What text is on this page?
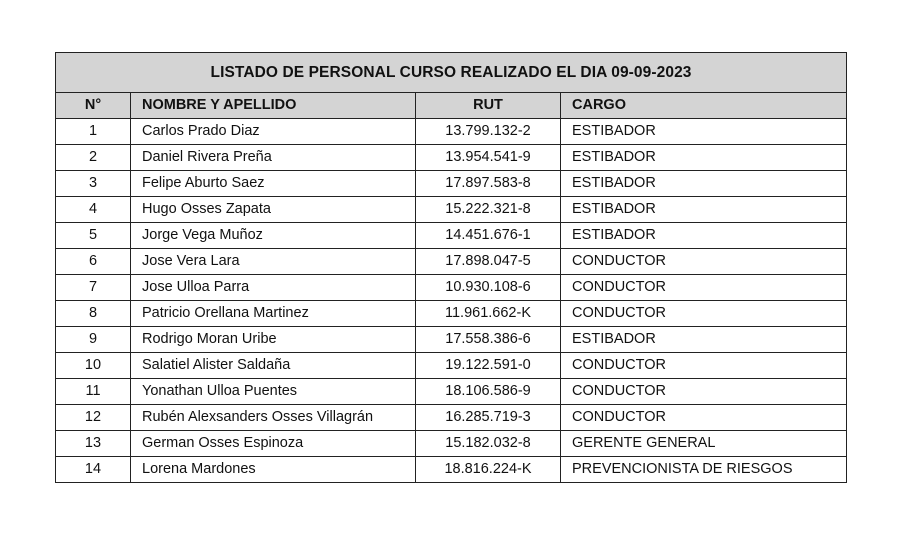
LISTADO DE PERSONAL CURSO REALIZADO EL DIA 09-09-2023			
N°	NOMBRE Y APELLIDO	RUT	CARGO
1	Carlos Prado Diaz	13.799.132-2	ESTIBADOR
2	Daniel Rivera Preña	13.954.541-9	ESTIBADOR
3	Felipe Aburto Saez	17.897.583-8	ESTIBADOR
4	Hugo Osses Zapata	15.222.321-8	ESTIBADOR
5	Jorge Vega Muñoz	14.451.676-1	ESTIBADOR
6	Jose Vera Lara	17.898.047-5	CONDUCTOR
7	Jose Ulloa Parra	10.930.108-6	CONDUCTOR
8	Patricio Orellana Martinez	11.961.662-K	CONDUCTOR
9	Rodrigo Moran Uribe	17.558.386-6	ESTIBADOR
10	Salatiel Alister Saldaña	19.122.591-0	CONDUCTOR
11	Yonathan Ulloa Puentes	18.106.586-9	CONDUCTOR
12	Rubén Alexsanders Osses Villagrán	16.285.719-3	CONDUCTOR
13	German Osses Espinoza	15.182.032-8	GERENTE GENERAL
14	Lorena Mardones	18.816.224-K	PREVENCIONISTA DE RIESGOS
